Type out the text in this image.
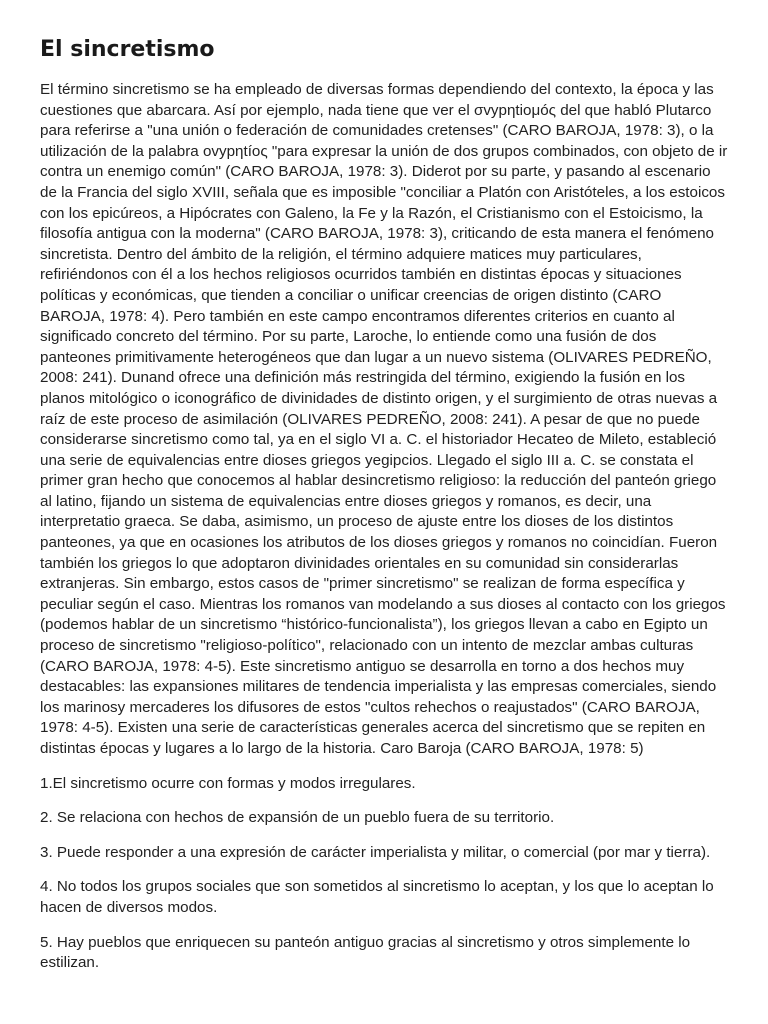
El sincretismo

El término sincretismo se ha empleado de diversas formas dependiendo del contexto, la época y las cuestiones que abarcara. Así por ejemplo, nada tiene que ver el σvypηtioμóς del que habló Plutarco para referirse a "una unión o federación de comunidades cretenses" (CARO BAROJA, 1978: 3), o la utilización de la palabra ovypηtíoς "para expresar la unión de dos grupos combinados, con objeto de ir contra un enemigo común" (CARO BAROJA, 1978: 3). Diderot por su parte, y pasando al escenario de la Francia del siglo XVIII, señala que es imposible "conciliar a Platón con Aristóteles, a los estoicos con los epicúreos, a Hipócrates con Galeno, la Fe y la Razón, el Cristianismo con el Estoicismo, la filosofía antigua con la moderna" (CARO BAROJA, 1978: 3), criticando de esta manera el fenómeno sincretista. Dentro del ámbito de la religión, el término adquiere matices muy particulares, refiriéndonos con él a los hechos religiosos ocurridos también en distintas épocas y situaciones políticas y económicas, que tienden a conciliar o unificar creencias de origen distinto (CARO BAROJA, 1978: 4). Pero también en este campo encontramos diferentes criterios en cuanto al significado concreto del término. Por su parte, Laroche, lo entiende como una fusión de dos panteones primitivamente heterogéneos que dan lugar a un nuevo sistema (OLIVARES PEDREÑO, 2008: 241). Dunand ofrece una definición más restringida del término, exigiendo la fusión en los planos mitológico o iconográfico de divinidades de distinto origen, y el surgimiento de otras nuevas a raíz de este proceso de asimilación (OLIVARES PEDREÑO, 2008: 241). A pesar de que no puede considerarse sincretismo como tal, ya en el siglo VI a. C. el historiador Hecateo de Mileto, estableció una serie de equivalencias entre dioses griegos yegipcios. Llegado el siglo III a. C. se constata el primer gran hecho que conocemos al hablar desincretismo religioso: la reducción del panteón griego al latino, fijando un sistema de equivalencias entre dioses griegos y romanos, es decir, una interpretatio graeca. Se daba, asimismo, un proceso de ajuste entre los dioses de los distintos panteones, ya que en ocasiones los atributos de los dioses griegos y romanos no coincidían. Fueron también los griegos lo que adoptaron divinidades orientales en su comunidad sin considerarlas extranjeras. Sin embargo, estos casos de "primer sincretismo" se realizan de forma específica y peculiar según el caso. Mientras los romanos van modelando a sus dioses al contacto con los griegos (podemos hablar de un sincretismo “histórico-funcionalista”), los griegos llevan a cabo en Egipto un proceso de sincretismo "religioso-político", relacionado con un intento de mezclar ambas culturas (CARO BAROJA, 1978: 4-5). Este sincretismo antiguo se desarrolla en torno a dos hechos muy destacables: las expansiones militares de tendencia imperialista y las empresas comerciales, siendo los marinosy mercaderes los difusores de estos "cultos rehechos o reajustados" (CARO BAROJA, 1978: 4-5). Existen una serie de características generales acerca del sincretismo que se repiten en distintas épocas y lugares a lo largo de la historia. Caro Baroja (CARO BAROJA, 1978: 5)

1.El sincretismo ocurre con formas y modos irregulares.

2. Se relaciona con hechos de expansión de un pueblo fuera de su territorio.

3. Puede responder a una expresión de carácter imperialista y militar, o comercial (por mar y tierra).

4. No todos los grupos sociales que son sometidos al sincretismo lo aceptan, y los que lo aceptan lo hacen de diversos modos.

5. Hay pueblos que enriquecen su panteón antiguo gracias al sincretismo y otros simplemente lo estilizan.
